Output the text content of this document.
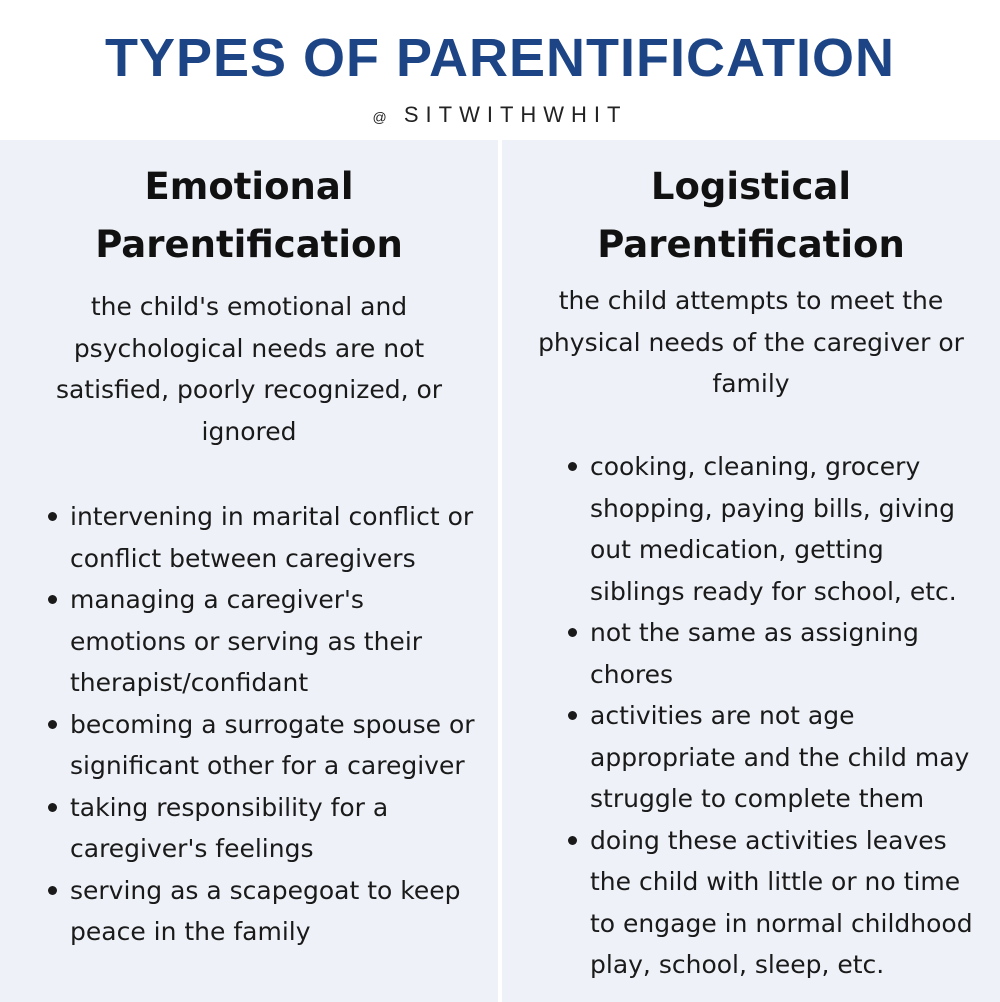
TYPES OF PARENTIFICATION
@ SITWITHWHIT
Emotional
Parentification
the child's emotional and
psychological needs are not
satisfied, poorly recognized, or
ignored
intervening in marital conflict or
conflict between caregivers
managing a caregiver's
emotions or serving as their
therapist/confidant
becoming a surrogate spouse or
significant other for a caregiver
taking responsibility for a
caregiver's feelings
serving as a scapegoat to keep
peace in the family
Logistical
Parentification
the child attempts to meet the
physical needs of the caregiver or
family
cooking, cleaning, grocery
shopping, paying bills, giving
out medication, getting
siblings ready for school, etc.
not the same as assigning
chores
activities are not age
appropriate and the child may
struggle to complete them
doing these activities leaves
the child with little or no time
to engage in normal childhood
play, school, sleep, etc.
